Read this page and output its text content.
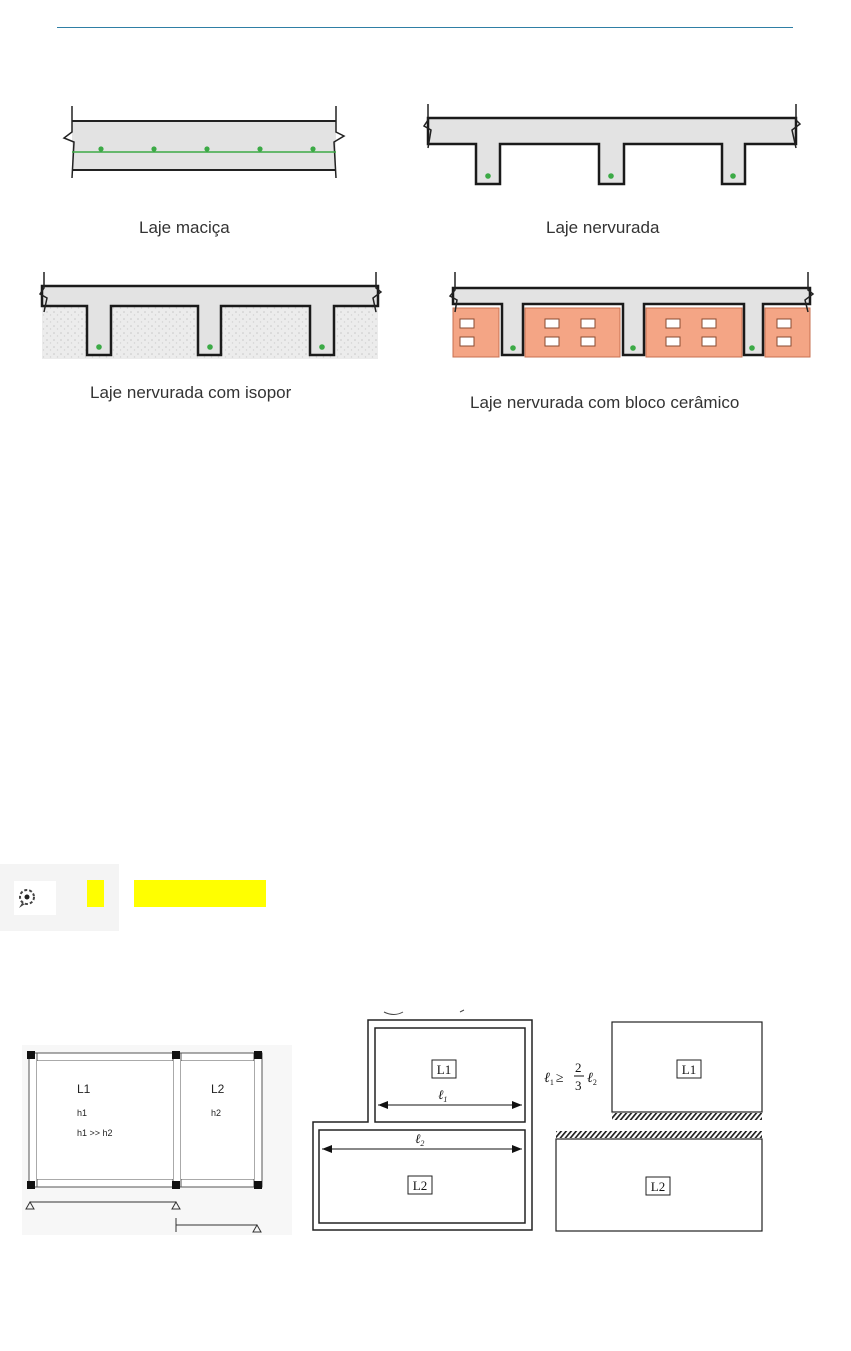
Laje maciça	Laje nervurada
Laje nervurada com isopor
Laje nervurada com bloco cerâmico
L1
h1
h1 >> h2
L2
h2
L1
L2
ℓ$_1$
ℓ$_2$
ℓ$_1$ ≥
2
3 ℓ$_2$
L1
L2
